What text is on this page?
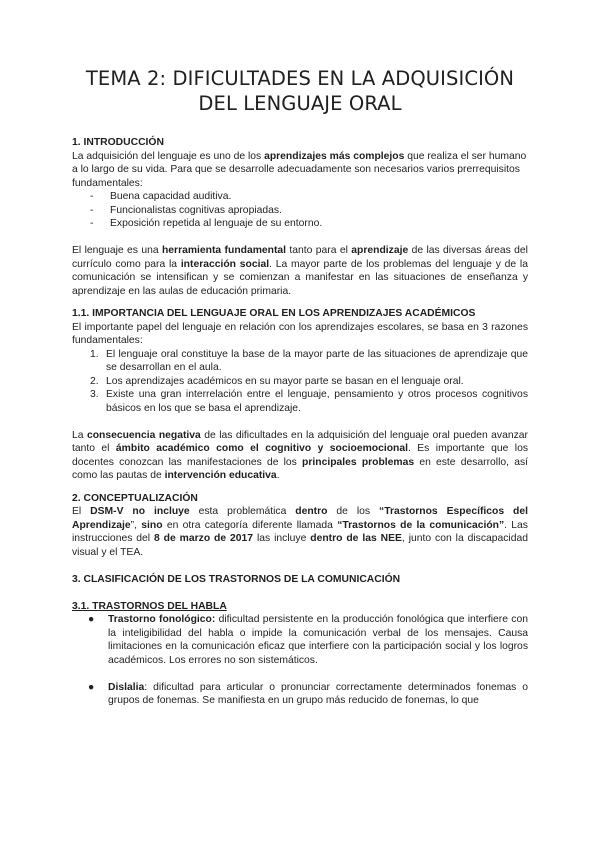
TEMA 2: DIFICULTADES EN LA ADQUISICIÓN
DEL LENGUAJE ORAL

1. INTRODUCCIÓN

La adquisición del lenguaje es uno de los aprendizajes más complejos que realiza el ser humano a lo largo de su vida. Para que se desarrolle adecuadamente son necesarios varios prerrequisitos fundamentales:

- Buena capacidad auditiva.
- Funcionalistas cognitivas apropiadas.
- Exposición repetida al lenguaje de su entorno.

El lenguaje es una herramienta fundamental tanto para el aprendizaje de las diversas áreas del currículo como para la interacción social. La mayor parte de los problemas del lenguaje y de la comunicación se intensifican y se comienzan a manifestar en las situaciones de enseñanza y aprendizaje en las aulas de educación primaria.

1.1. IMPORTANCIA DEL LENGUAJE ORAL EN LOS APRENDIZAJES ACADÉMICOS

El importante papel del lenguaje en relación con los aprendizajes escolares, se basa en 3 razones fundamentales:

1. El lenguaje oral constituye la base de la mayor parte de las situaciones de aprendizaje que se desarrollan en el aula.
2. Los aprendizajes académicos en su mayor parte se basan en el lenguaje oral.
3. Existe una gran interrelación entre el lenguaje, pensamiento y otros procesos cognitivos básicos en los que se basa el aprendizaje.

La consecuencia negativa de las dificultades en la adquisición del lenguaje oral pueden avanzar tanto el ámbito académico como el cognitivo y socioemocional. Es importante que los docentes conozcan las manifestaciones de los principales problemas en este desarrollo, así como las pautas de intervención educativa.

2. CONCEPTUALIZACIÓN

El DSM-V no incluye esta problemática dentro de los “Trastornos Específicos del Aprendizaje”, sino en otra categoría diferente llamada “Trastornos de la comunicación”. Las instrucciones del 8 de marzo de 2017 las incluye dentro de las NEE, junto con la discapacidad visual y el TEA.

3. CLASIFICACIÓN DE LOS TRASTORNOS DE LA COMUNICACIÓN

3.1. TRASTORNOS DEL HABLA

● Trastorno fonológico: dificultad persistente en la producción fonológica que interfiere con la inteligibilidad del habla o impide la comunicación verbal de los mensajes. Causa limitaciones en la comunicación eficaz que interfiere con la participación social y los logros académicos. Los errores no son sistemáticos.
● Dislalia: dificultad para articular o pronunciar correctamente determinados fonemas o grupos de fonemas. Se manifiesta en un grupo más reducido de fonemas, lo que
